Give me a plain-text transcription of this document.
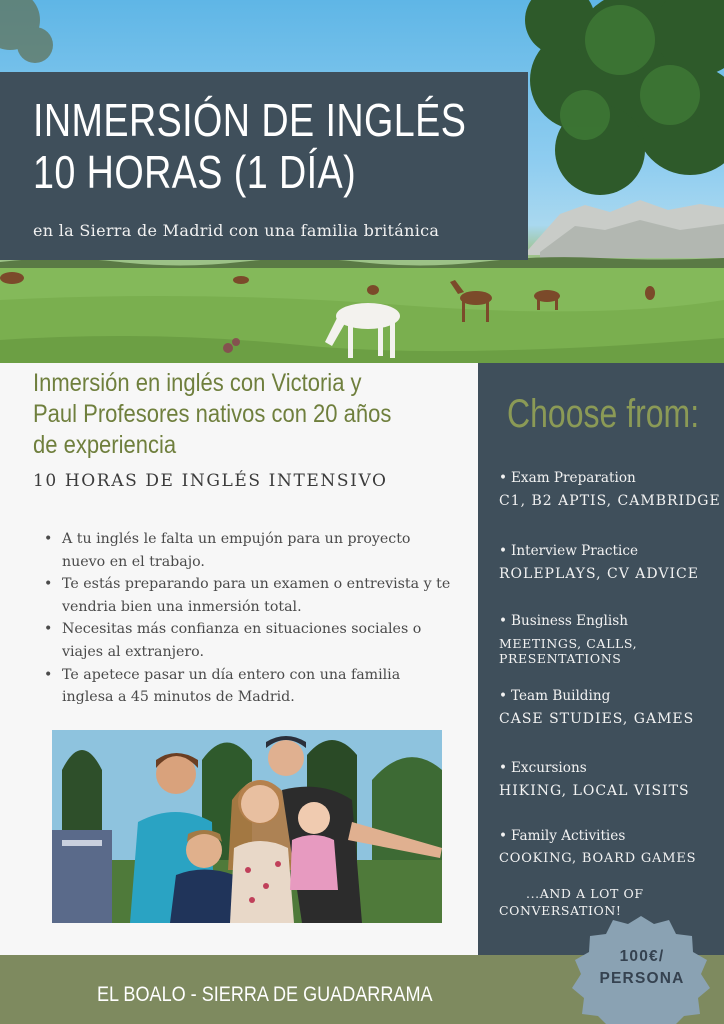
INMERSIÓN DE INGLÉS
10 HORAS (1 DÍA)
en la Sierra de Madrid con una familia británica
Inmersión en inglés con Victoria y Paul Profesores nativos con 20 años de experiencia
10 HORAS DE INGLÉS INTENSIVO
• A tu inglés le falta un empujón para un proyecto nuevo en el trabajo.
• Te estás preparando para un examen o entrevista y te vendria bien una inmersión total.
• Necesitas más confianza en situaciones sociales o viajes al extranjero.
• Te apetece pasar un día entero con una familia inglesa a 45 minutos de Madrid.
Choose from:
• Exam Preparation
C1, B2 APTIS, CAMBRIDGE
• Interview Practice
ROLEPLAYS, CV ADVICE
• Business English
MEETINGS, CALLS, PRESENTATIONS
• Team Building
CASE STUDIES, GAMES
• Excursions
HIKING, LOCAL VISITS
• Family Activities
COOKING, BOARD GAMES
...AND A LOT OF CONVERSATION!
EL BOALO - SIERRA DE GUADARRAMA
100€/
PERSONA
